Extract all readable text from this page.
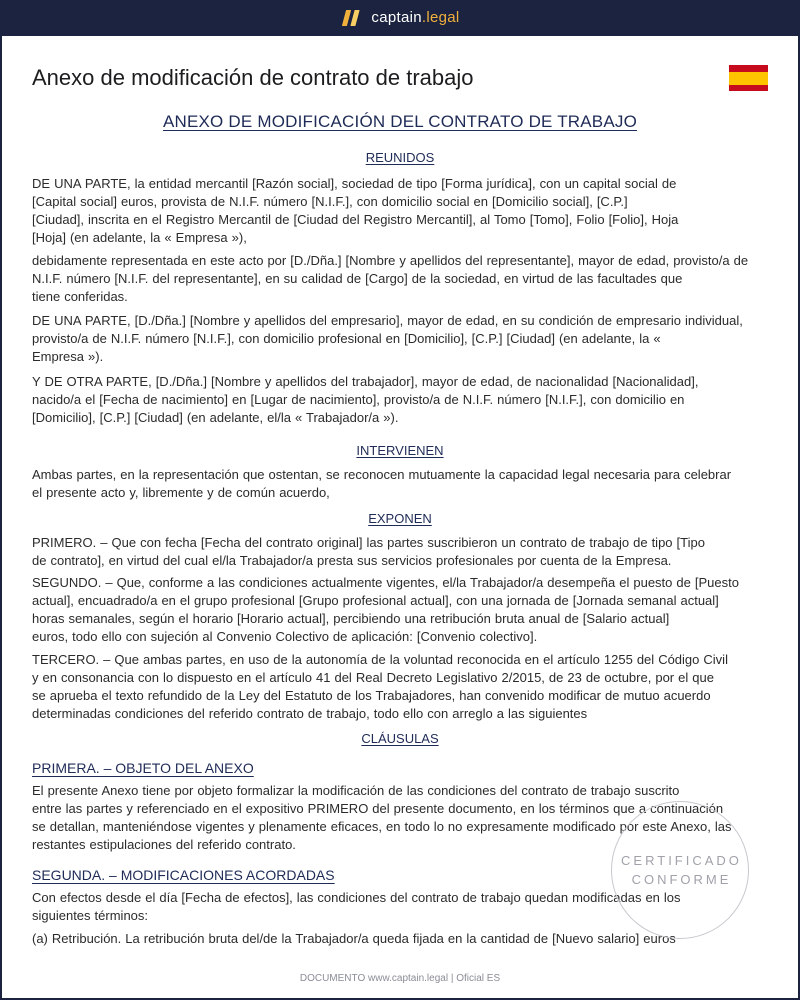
captain.legal
Anexo de modificación de contrato de trabajo
ANEXO DE MODIFICACIÓN DEL CONTRATO DE TRABAJO
REUNIDOS
DE UNA PARTE, la entidad mercantil [Razón social], sociedad de tipo [Forma jurídica], con un capital social de
[Capital social] euros, provista de N.I.F. número [N.I.F.], con domicilio social en [Domicilio social], [C.P.]
[Ciudad], inscrita en el Registro Mercantil de [Ciudad del Registro Mercantil], al Tomo [Tomo], Folio [Folio], Hoja
[Hoja] (en adelante, la « Empresa »),
debidamente representada en este acto por [D./Dña.] [Nombre y apellidos del representante], mayor de edad, provisto/a de
N.I.F. número [N.I.F. del representante], en su calidad de [Cargo] de la sociedad, en virtud de las facultades que
tiene conferidas.
DE UNA PARTE, [D./Dña.] [Nombre y apellidos del empresario], mayor de edad, en su condición de empresario individual,
provisto/a de N.I.F. número [N.I.F.], con domicilio profesional en [Domicilio], [C.P.] [Ciudad] (en adelante, la «
Empresa »).
Y DE OTRA PARTE, [D./Dña.] [Nombre y apellidos del trabajador], mayor de edad, de nacionalidad [Nacionalidad],
nacido/a el [Fecha de nacimiento] en [Lugar de nacimiento], provisto/a de N.I.F. número [N.I.F.], con domicilio en
[Domicilio], [C.P.] [Ciudad] (en adelante, el/la « Trabajador/a »).
INTERVIENEN
Ambas partes, en la representación que ostentan, se reconocen mutuamente la capacidad legal necesaria para celebrar
el presente acto y, libremente y de común acuerdo,
EXPONEN
PRIMERO. – Que con fecha [Fecha del contrato original] las partes suscribieron un contrato de trabajo de tipo [Tipo
de contrato], en virtud del cual el/la Trabajador/a presta sus servicios profesionales por cuenta de la Empresa.
SEGUNDO. – Que, conforme a las condiciones actualmente vigentes, el/la Trabajador/a desempeña el puesto de [Puesto
actual], encuadrado/a en el grupo profesional [Grupo profesional actual], con una jornada de [Jornada semanal actual]
horas semanales, según el horario [Horario actual], percibiendo una retribución bruta anual de [Salario actual]
euros, todo ello con sujeción al Convenio Colectivo de aplicación: [Convenio colectivo].
TERCERO. – Que ambas partes, en uso de la autonomía de la voluntad reconocida en el artículo 1255 del Código Civil
y en consonancia con lo dispuesto en el artículo 41 del Real Decreto Legislativo 2/2015, de 23 de octubre, por el que
se aprueba el texto refundido de la Ley del Estatuto de los Trabajadores, han convenido modificar de mutuo acuerdo
determinadas condiciones del referido contrato de trabajo, todo ello con arreglo a las siguientes
CLÁUSULAS
PRIMERA. – OBJETO DEL ANEXO
El presente Anexo tiene por objeto formalizar la modificación de las condiciones del contrato de trabajo suscrito
entre las partes y referenciado en el expositivo PRIMERO del presente documento, en los términos que a continuación
se detallan, manteniéndose vigentes y plenamente eficaces, en todo lo no expresamente modificado por este Anexo, las
restantes estipulaciones del referido contrato.
SEGUNDA. – MODIFICACIONES ACORDADAS
Con efectos desde el día [Fecha de efectos], las condiciones del contrato de trabajo quedan modificadas en los
siguientes términos:
(a) Retribución. La retribución bruta del/de la Trabajador/a queda fijada en la cantidad de [Nuevo salario] euros
CERTIFICADO
CONFORME
DOCUMENTO www.captain.legal | Oficial ES
